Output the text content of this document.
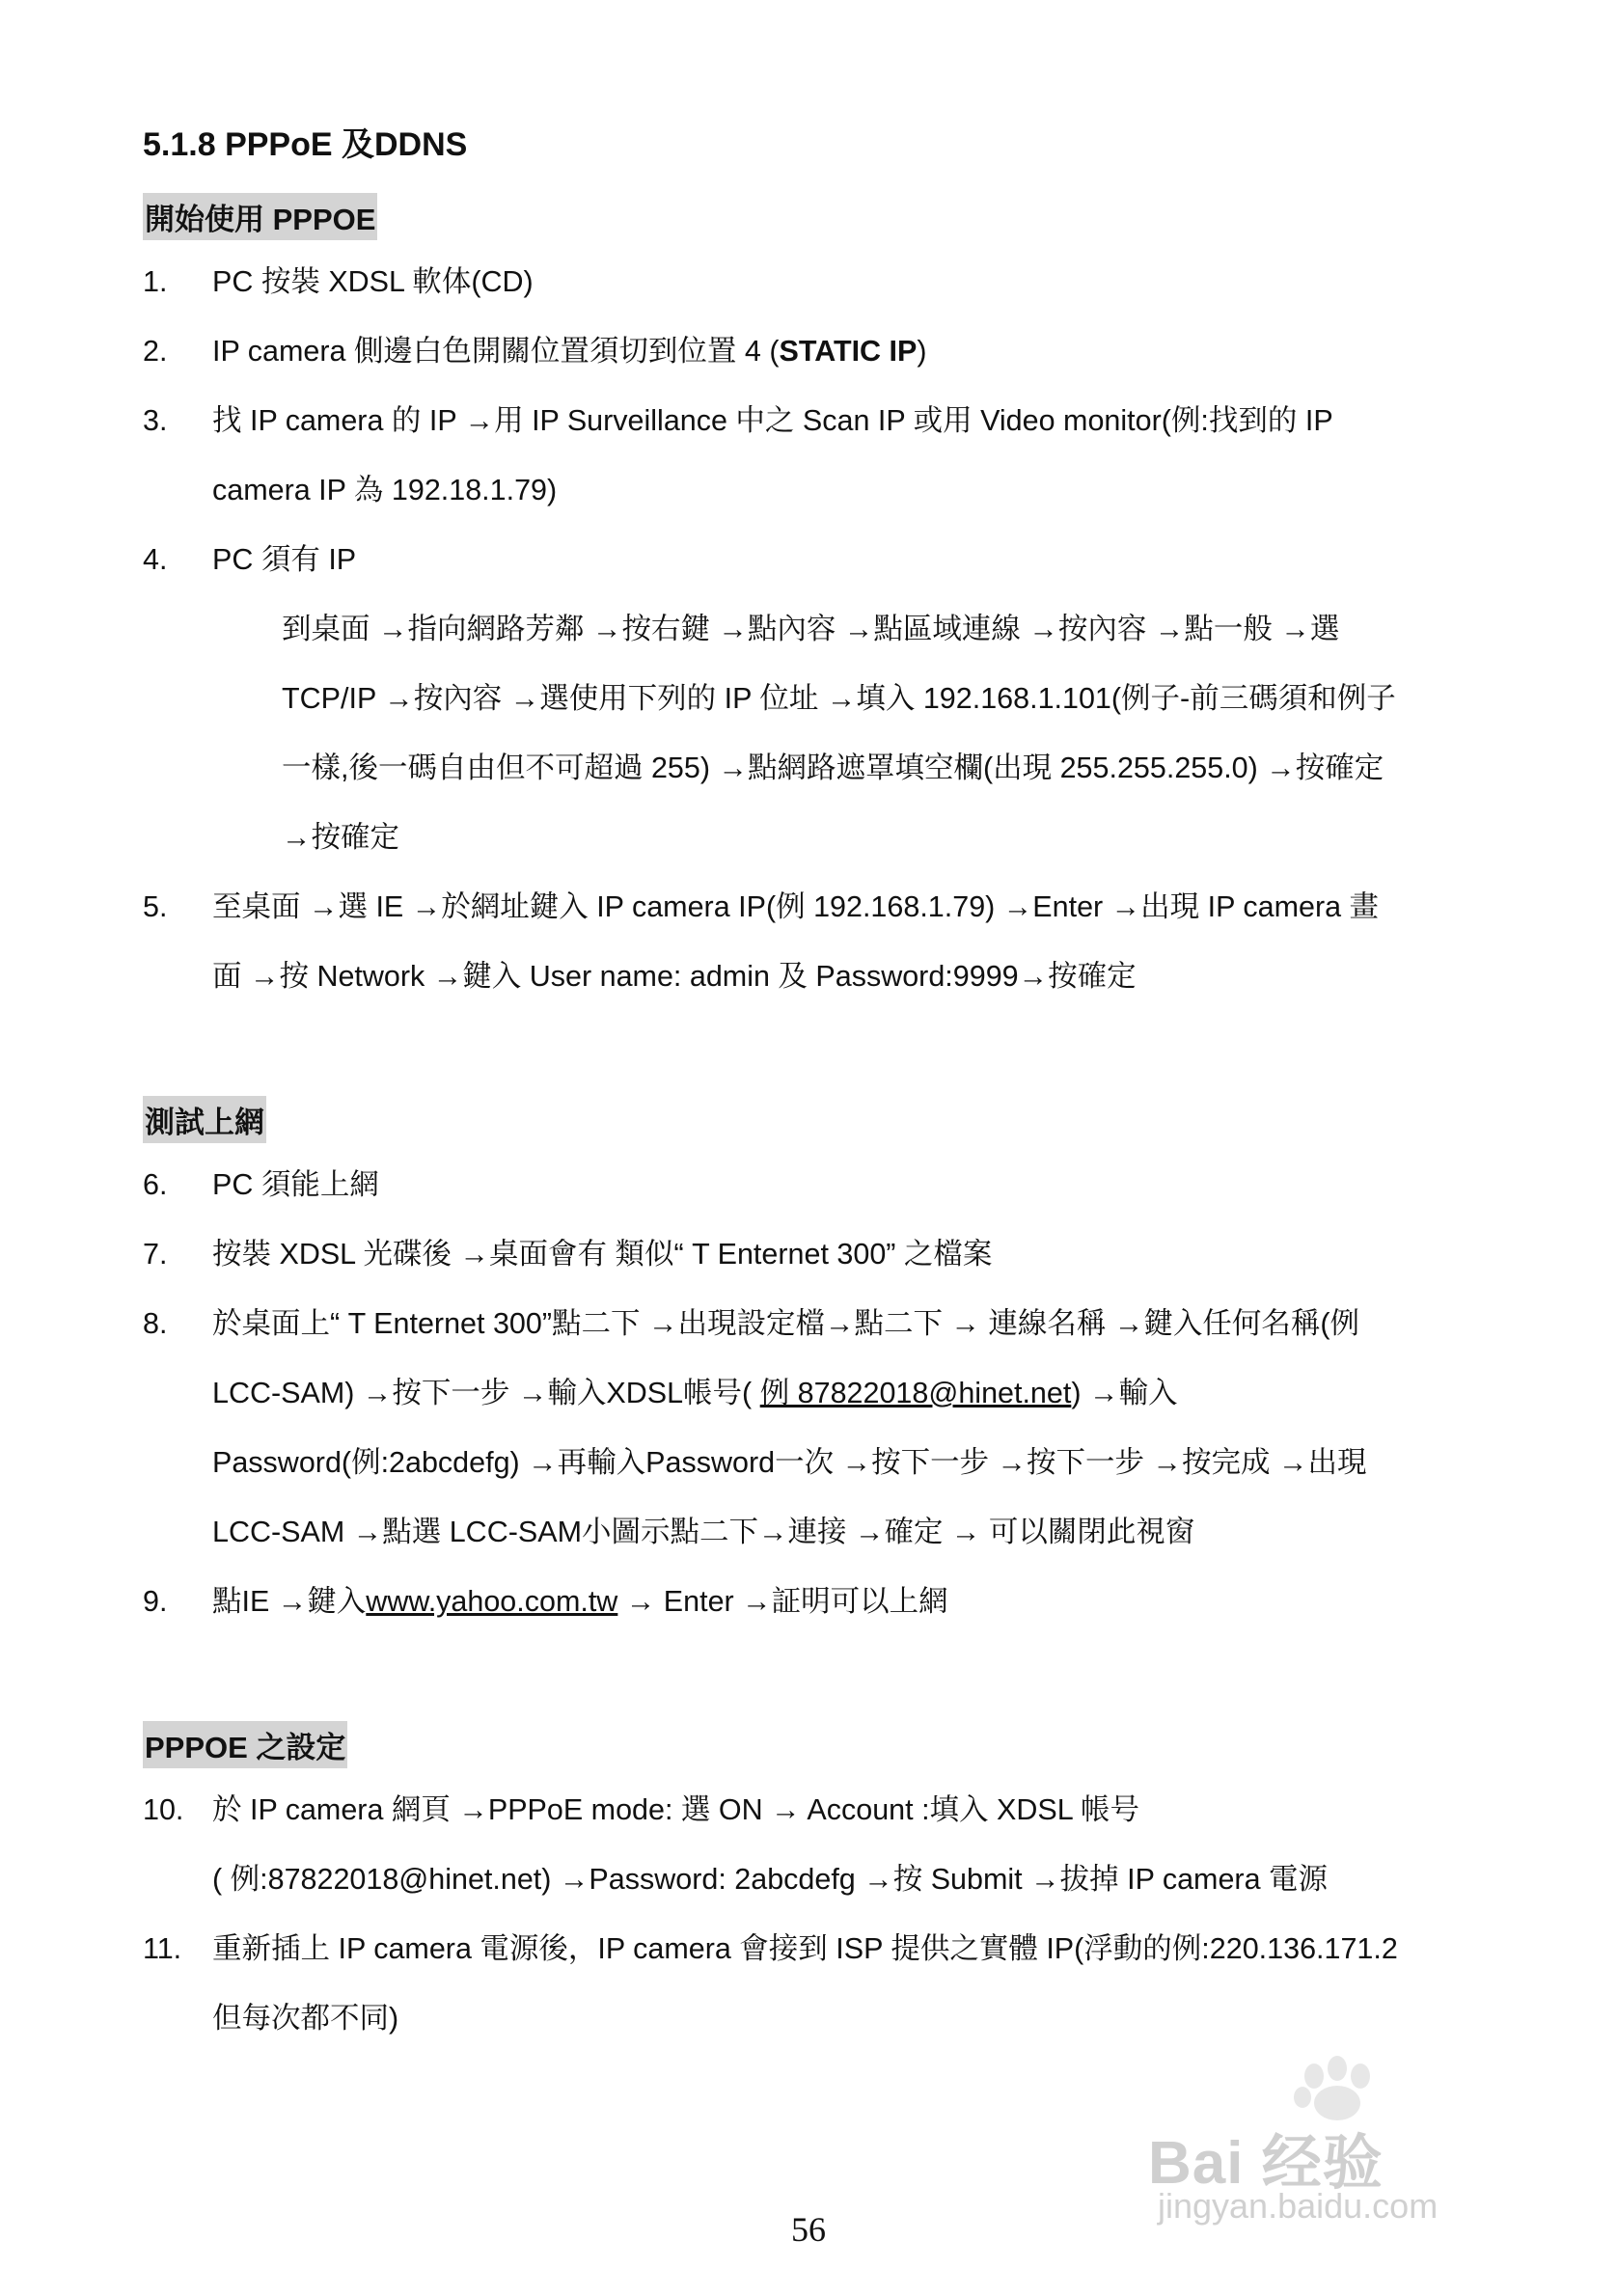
5.1.8 PPPoE 及DDNS
開始使用 PPPOE
1. PC 按裝 XDSL 軟体(CD)
2. IP camera 側邊白色開關位置須切到位置 4 (STATIC IP)
3. 找 IP camera 的 IP →用 IP Surveillance 中之 Scan IP 或用 Video monitor(例:找到的 IP
camera IP 為 192.18.1.79)
4. PC 須有 IP
到桌面 →指向網路芳鄰 →按右鍵 →點內容 →點區域連線 →按內容 →點一般 →選
TCP/IP →按內容 →選使用下列的 IP 位址 →填入 192.168.1.101(例子-前三碼須和例子
一樣,後一碼自由但不可超過 255) →點網路遮罩填空欄(出現 255.255.255.0) →按確定
→按確定
5. 至桌面 →選 IE →於網址鍵入 IP camera IP(例 192.168.1.79) →Enter →出現 IP camera 畫
面 →按 Network →鍵入 User name: admin 及 Password:9999→按確定
測試上網
6. PC 須能上網
7. 按裝 XDSL 光碟後 →桌面會有 類似“ T Enternet 300” 之檔案
8. 於桌面上“ T Enternet 300”點二下 →出現設定檔→點二下 → 連線名稱 →鍵入任何名稱(例
LCC-SAM) →按下一步 →輸入XDSL帳号( 例 87822018@hinet.net) →輸入
Password(例:2abcdefg) →再輸入Password一次 →按下一步 →按下一步 →按完成 →出現
LCC-SAM →點選 LCC-SAM小圖示點二下→連接 →確定 → 可以關閉此視窗
9. 點IE →鍵入www.yahoo.com.tw → Enter →証明可以上網
PPPOE 之設定
10. 於 IP camera 網頁 →PPPoE mode: 選 ON → Account :填入 XDSL 帳号
( 例:87822018@hinet.net) →Password: 2abcdefg →按 Submit →拔掉 IP camera 電源
11. 重新插上 IP camera 電源後，IP camera 會接到 ISP 提供之實體 IP(浮動的例:220.136.171.2
但每次都不同)
Bai 经验
jingyan.baidu.com
56
